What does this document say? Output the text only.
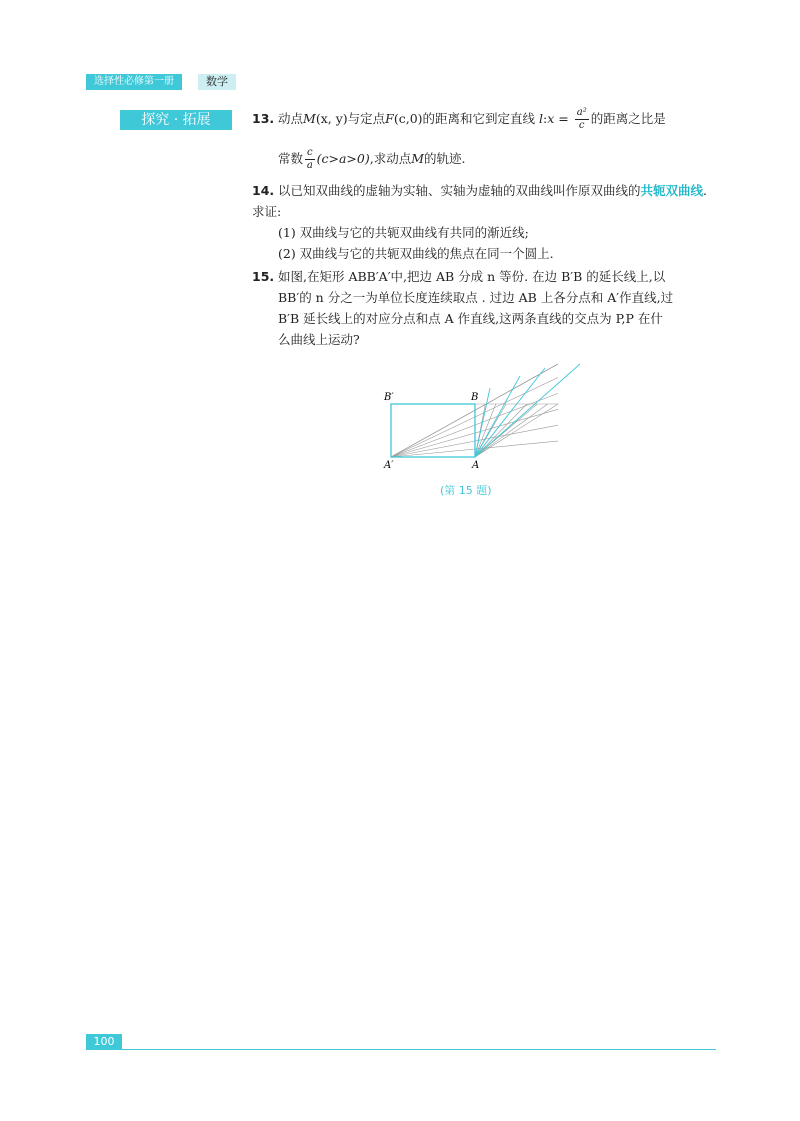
选择性必修第一册	数学
探究 · 拓展	13. 动点M(x, y)与定点F(c,0)的距离和它到定直线 l:x = $\frac{\text{a²}}{c}$ 的距离之比是
常数 $\frac{c}{a} (c>a>0)$,求动点M的轨迹.
14. 以已知双曲线的虚轴为实轴、实轴为虚轴的双曲线叫作原双曲线的共轭双曲线. 求证:
(1) 双曲线与它的共轭双曲线有共同的渐近线;
(2) 双曲线与它的共轭双曲线的焦点在同一个圆上.
15. 如图,在矩形 ABB′A′中,把边 AB 分成 n 等份. 在边 B′B 的延长线上,以
BB′的 n 分之一为单位长度连续取点 . 过边 AB 上各分点和 A′作直线,过
B′B 延长线上的对应分点和点 A 作直线,这两条直线的交点为 P,P 在什
么曲线上运动?
B′	B
A′	A
(第 15 题)
100
